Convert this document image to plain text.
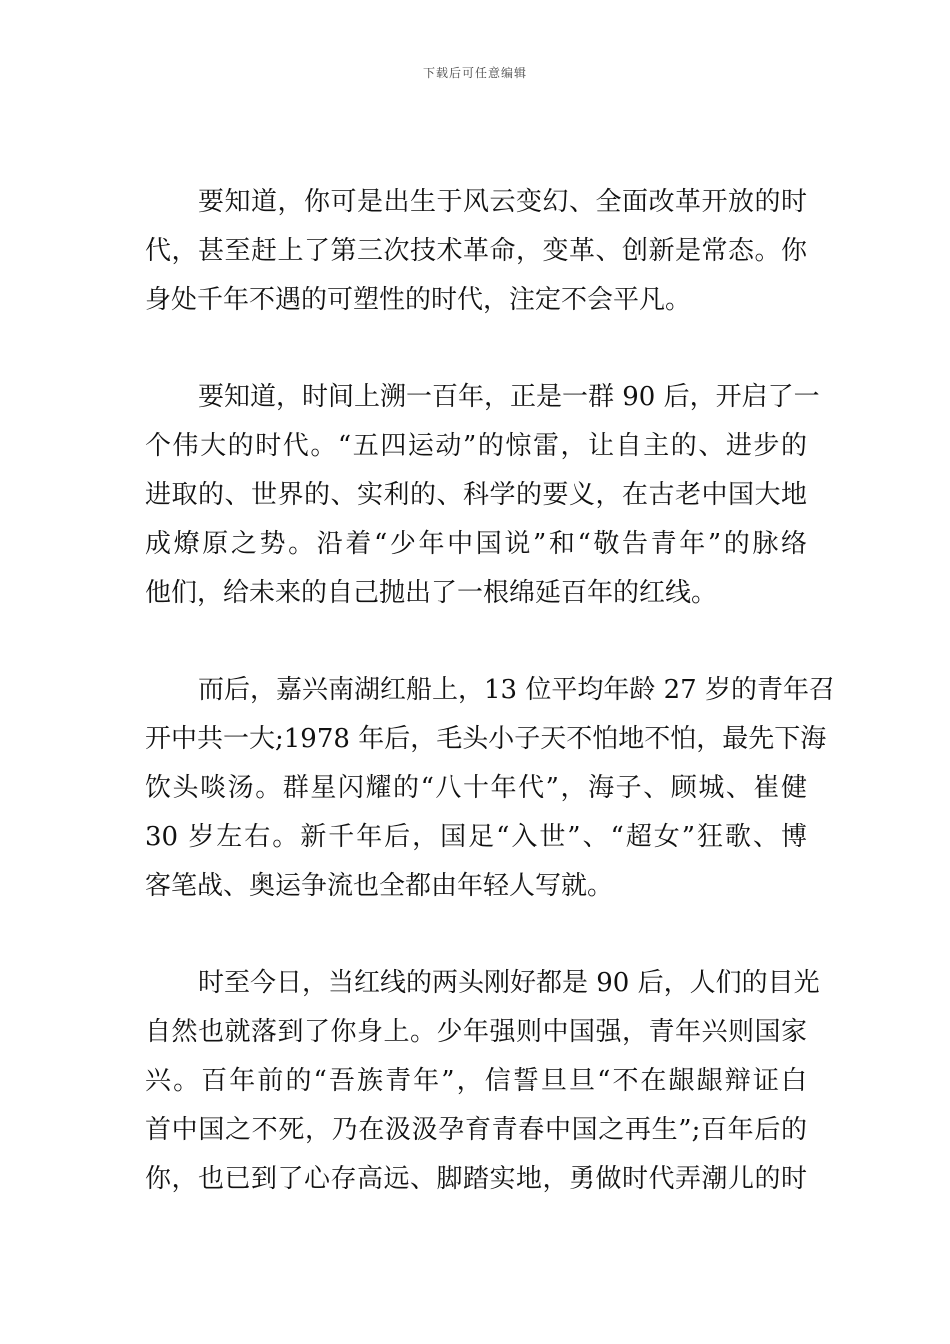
下载后可任意编辑
要知道，你可是出生于风云变幻、全面改革开放的时
代，甚至赶上了第三次技术革命，变革、创新是常态。你
身处千年不遇的可塑性的时代，注定不会平凡。
要知道，时间上溯一百年，正是一群 90 后，开启了一
个伟大的时代。“五四运动”的惊雷，让自主的、进步的
进取的、世界的、实利的、科学的要义，在古老中国大地
成燎原之势。沿着“少年中国说”和“敬告青年”的脉络
他们，给未来的自己抛出了一根绵延百年的红线。
而后，嘉兴南湖红船上，13 位平均年龄 27 岁的青年召
开中共一大;1978 年后，毛头小子天不怕地不怕，最先下海
饮头啖汤。群星闪耀的“八十年代”，海子、顾城、崔健
30 岁左右。新千年后，国足“入世”、“超女”狂歌、博
客笔战、奥运争流也全都由年轻人写就。
时至今日，当红线的两头刚好都是 90 后，人们的目光
自然也就落到了你身上。少年强则中国强，青年兴则国家
兴。百年前的“吾族青年”，信誓旦旦“不在龈龈辩证白
首中国之不死，乃在汲汲孕育青春中国之再生”;百年后的
你，也已到了心存高远、脚踏实地，勇做时代弄潮儿的时
